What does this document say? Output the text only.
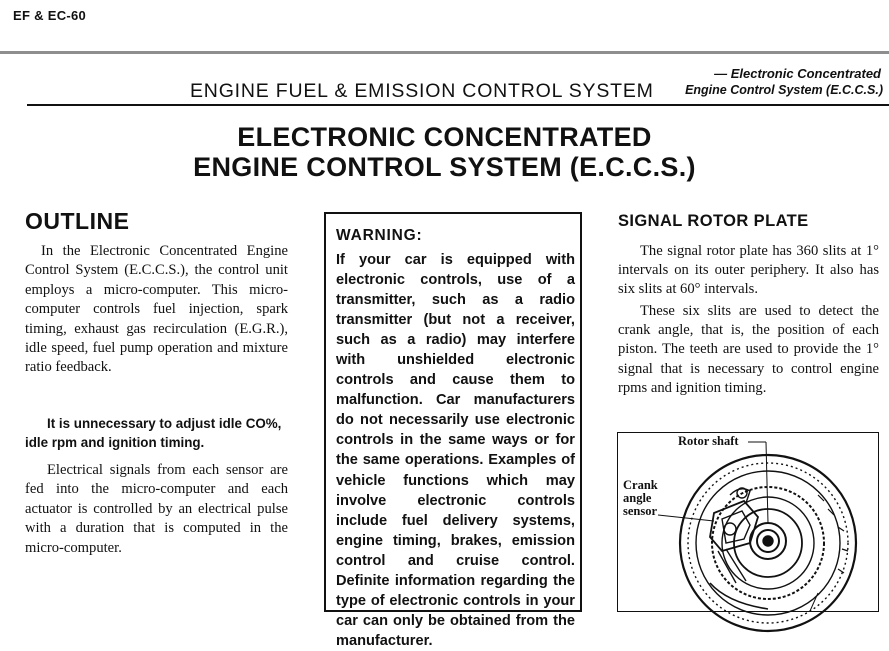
EF & EC-60
ENGINE FUEL & EMISSION CONTROL SYSTEM
— Electronic Concentrated
Engine Control System (E.C.C.S.)
ELECTRONIC CONCENTRATED
ENGINE CONTROL SYSTEM (E.C.C.S.)
OUTLINE
In the Electronic Concentrated Engine Control System (E.C.C.S.), the control unit employs a micro-computer. This micro-computer controls fuel injection, spark timing, exhaust gas recirculation (E.G.R.), idle speed, fuel pump operation and mixture ratio feedback.
It is unnecessary to adjust idle CO%, idle rpm and ignition timing.
Electrical signals from each sensor are fed into the micro-computer and each actuator is controlled by an electrical pulse with a duration that is computed in the micro-computer.
WARNING:
If your car is equipped with electronic controls, use of a transmitter, such as a radio transmitter (but not a receiver, such as a radio) may interfere with unshielded electronic controls and cause them to malfunction. Car manufacturers do not necessarily use electronic controls in the same ways or for the same operations. Examples of vehicle functions which may involve electronic controls include fuel delivery systems, engine timing, brakes, emission control and cruise control. Definite information regarding the type of electronic controls in your car can only be obtained from the manufacturer.
SIGNAL ROTOR PLATE
The signal rotor plate has 360 slits at 1° intervals on its outer periphery. It also has six slits at 60° intervals.
These six slits are used to detect the crank angle, that is, the position of each piston. The teeth are used to provide the 1° signal that is necessary to control engine rpms and ignition timing.
Rotor shaft
Crank
angle
sensor
